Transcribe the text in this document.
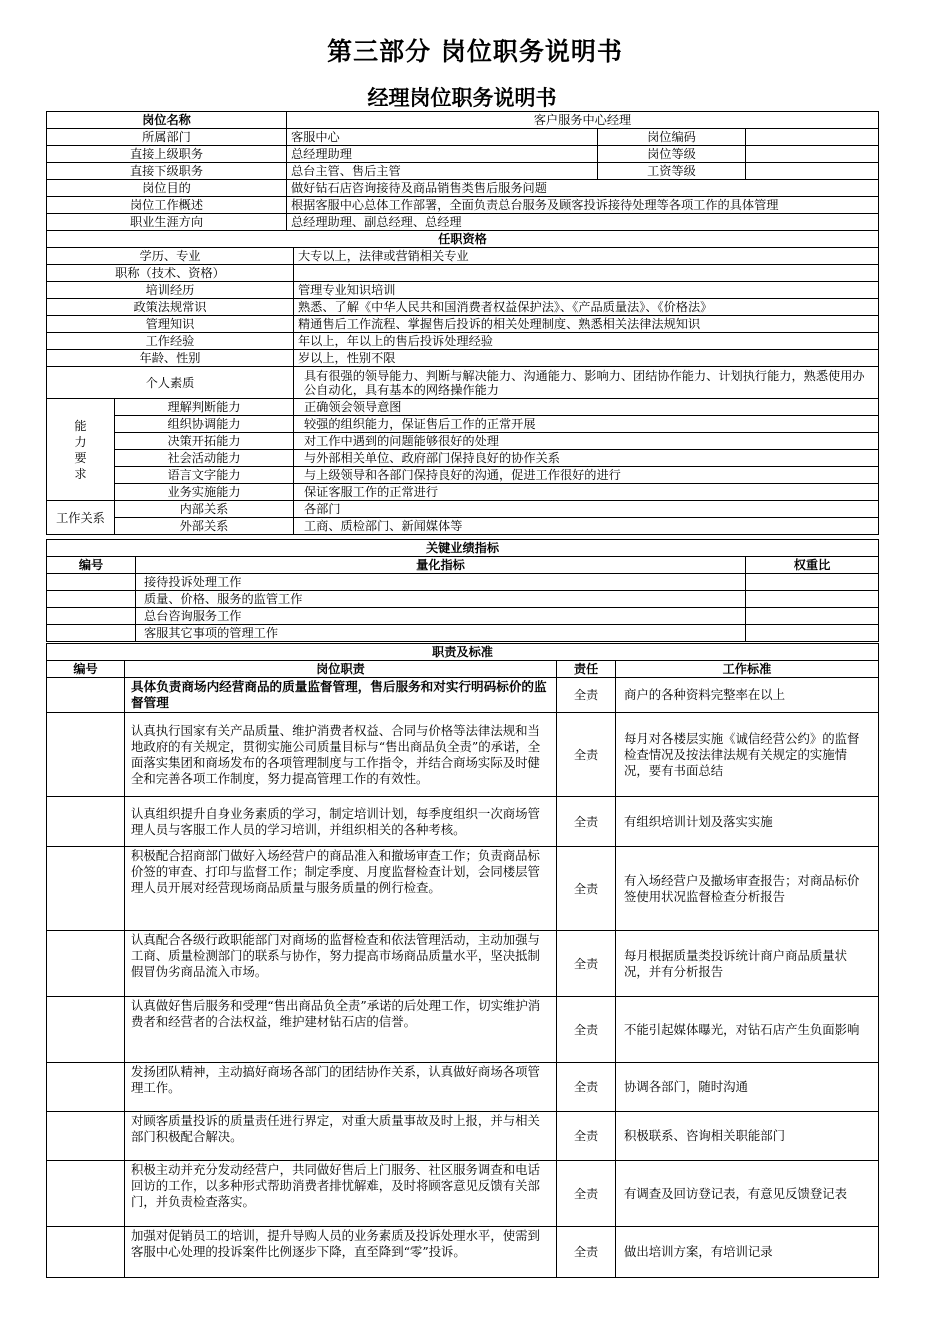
第三部分 岗位职务说明书
经理岗位职务说明书
岗位名称		客户服务中心经理			
所属部门		客服中心		岗位编码	
直接上级职务		总经理助理		岗位等级	
直接下级职务		总台主管、售后主管		工资等级	
岗位目的		做好钻石店咨询接待及商品销售类售后服务问题			
岗位工作概述		根据客服中心总体工作部署，全面负责总台服务及顾客投诉接待处理等各项工作的具体管理			
职业生涯方向		总经理助理、副总经理、总经理			
任职资格					
学历、专业			大专以上，法律或营销相关专业		
职称（技术、资格）					
培训经历			管理专业知识培训		
政策法规常识			熟悉、了解《中华人民共和国消费者权益保护法》、《产品质量法》、《价格法》		
管理知识			精通售后工作流程、掌握售后投诉的相关处理制度、熟悉相关法律法规知识		
工作经验			年以上，年以上的售后投诉处理经验		
年龄、性别			岁以上，性别不限		
个人素质			具有很强的领导能力、判断与解决能力、沟通能力、影响力、团结协作能力、计划执行能力，熟悉使用办公自动化，具有基本的网络操作能力		
能力要求	理解判断能力		正确领会领导意图		
	组织协调能力		较强的组织能力，保证售后工作的正常开展		
	决策开拓能力		对工作中遇到的问题能够很好的处理		
	社会活动能力		与外部相关单位、政府部门保持良好的协作关系		
	语言文字能力		与上级领导和各部门保持良好的沟通，促进工作很好的进行		
	业务实施能力		保证客服工作的正常进行		
工作关系	内部关系		各部门		
	外部关系		工商、质检部门、新闻媒体等		
关键业绩指标		
编号	量化指标	权重比
	接待投诉处理工作	
	质量、价格、服务的监管工作	
	总台咨询服务工作	
	客服其它事项的管理工作	
职责及标准			
编号	岗位职责	责任	工作标准
	具体负责商场内经营商品的质量监督管理，售后服务和对实行明码标价的监督管理	全责	商户的各种资料完整率在以上
	认真执行国家有关产品质量、维护消费者权益、合同与价格等法律法规和当地政府的有关规定，贯彻实施公司质量目标与“售出商品负全责”的承诺，全面落实集团和商场发布的各项管理制度与工作指令，并结合商场实际及时健全和完善各项工作制度，努力提高管理工作的有效性。	全责	每月对各楼层实施《诚信经营公约》的监督检查情况及按法律法规有关规定的实施情况，要有书面总结
	认真组织提升自身业务素质的学习，制定培训计划，每季度组织一次商场管理人员与客服工作人员的学习培训，并组织相关的各种考核。	全责	有组织培训计划及落实实施
	积极配合招商部门做好入场经营户的商品准入和撤场审查工作；负责商品标价签的审查、打印与监督工作；制定季度、月度监督检查计划，会同楼层管理人员开展对经营现场商品质量与服务质量的例行检查。	全责	有入场经营户及撤场审查报告；对商品标价签使用状况监督检查分析报告
	认真配合各级行政职能部门对商场的监督检查和依法管理活动，主动加强与工商、质量检测部门的联系与协作，努力提高市场商品质量水平，坚决抵制假冒伪劣商品流入市场。	全责	每月根据质量类投诉统计商户商品质量状况，并有分析报告
	认真做好售后服务和受理“售出商品负全责”承诺的后处理工作，切实维护消费者和经营者的合法权益，维护建材钻石店的信誉。	全责	不能引起媒体曝光，对钻石店产生负面影响
	发扬团队精神，主动搞好商场各部门的团结协作关系，认真做好商场各项管理工作。	全责	协调各部门，随时沟通
	对顾客质量投诉的质量责任进行界定，对重大质量事故及时上报，并与相关部门积极配合解决。	全责	积极联系、咨询相关职能部门
	积极主动并充分发动经营户，共同做好售后上门服务、社区服务调查和电话回访的工作，以多种形式帮助消费者排忧解难，及时将顾客意见反馈有关部门，并负责检查落实。	全责	有调查及回访登记表，有意见反馈登记表
	加强对促销员工的培训，提升导购人员的业务素质及投诉处理水平，使需到客服中心处理的投诉案件比例逐步下降，直至降到“零”投诉。	全责	做出培训方案，有培训记录
